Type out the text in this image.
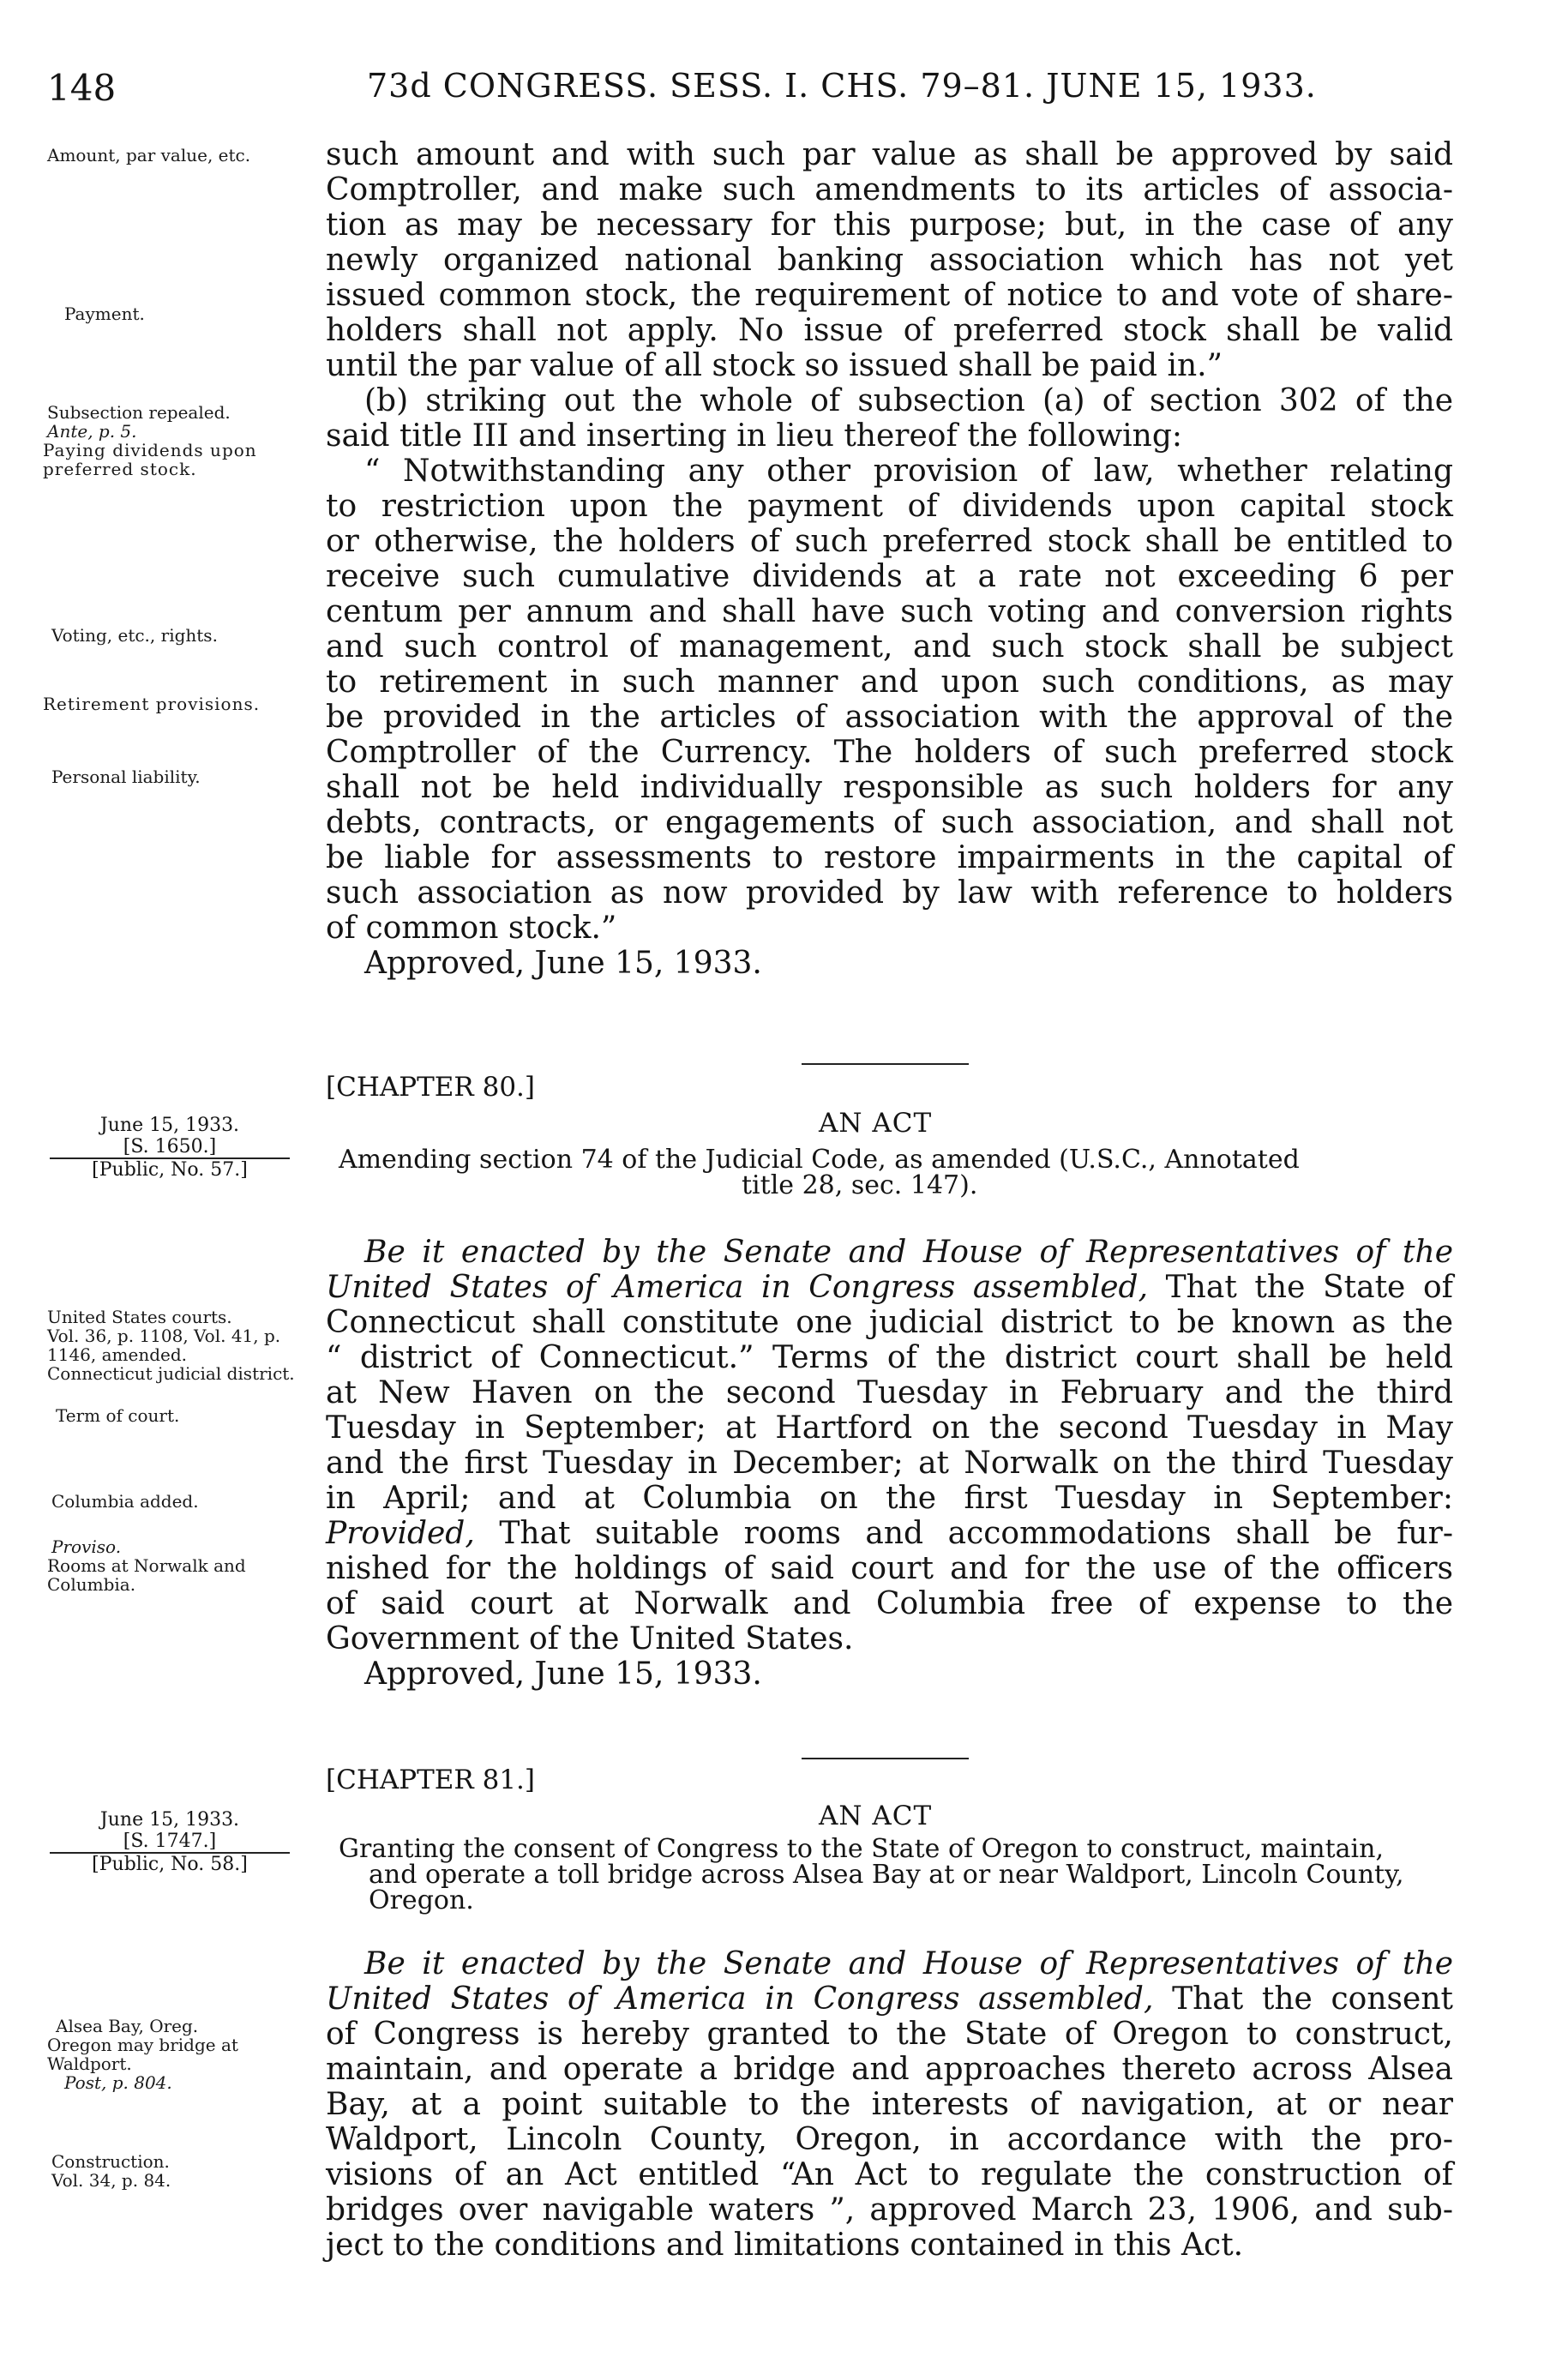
148	73d CONGRESS. SESS. I. CHS. 79–81. JUNE 15, 1933.
such amount and with such par value as shall be approved by said
Comptroller, and make such amendments to its articles of associa-
tion as may be necessary for this purpose; but, in the case of any
newly organized national banking association which has not yet
issued common stock, the requirement of notice to and vote of share-
holders shall not apply. No issue of preferred stock shall be valid
until the par value of all stock so issued shall be paid in.”
(b) striking out the whole of subsection (a) of section 302 of the
said title III and inserting in lieu thereof the following:
“ Notwithstanding any other provision of law, whether relating
to restriction upon the payment of dividends upon capital stock
or otherwise, the holders of such preferred stock shall be entitled to
receive such cumulative dividends at a rate not exceeding 6 per
centum per annum and shall have such voting and conversion rights
and such control of management, and such stock shall be subject
to retirement in such manner and upon such conditions, as may
be provided in the articles of association with the approval of the
Comptroller of the Currency. The holders of such preferred stock
shall not be held individually responsible as such holders for any
debts, contracts, or engagements of such association, and shall not
be liable for assessments to restore impairments in the capital of
such association as now provided by law with reference to holders
of common stock.”
Approved, June 15, 1933.
Amount, par value, etc.
Payment.
Subsection repealed.
Ante, p. 5.
Paying dividends upon preferred stock.
Voting, etc., rights.
Retirement provisions.
Personal liability.
[CHAPTER 80.]
AN ACT
June 15, 1933.
[S. 1650.]
[Public, No. 57.]	Amending section 74 of the Judicial Code, as amended (U.S.C., Annotated
title 28, sec. 147).
Be it enacted by the Senate and House of Representatives of the
United States of America in Congress assembled, That the State of
Connecticut shall constitute one judicial district to be known as the
“ district of Connecticut.” Terms of the district court shall be held
at New Haven on the second Tuesday in February and the third
Tuesday in September; at Hartford on the second Tuesday in May
and the first Tuesday in December; at Norwalk on the third Tuesday
in April; and at Columbia on the first Tuesday in September:
Provided, That suitable rooms and accommodations shall be fur-
nished for the holdings of said court and for the use of the officers
of said court at Norwalk and Columbia free of expense to the
Government of the United States.
Approved, June 15, 1933.
United States courts.
Vol. 36, p. 1108, Vol. 41, p. 1146, amended.
Connecticut judicial district.
Term of court.
Columbia added.
Proviso.
Rooms at Norwalk and Columbia.
[CHAPTER 81.]
AN ACT
June 15, 1933.
[S. 1747.]
[Public, No. 58.]
Granting the consent of Congress to the State of Oregon to construct, maintain,
and operate a toll bridge across Alsea Bay at or near Waldport, Lincoln County,
Oregon.
Be it enacted by the Senate and House of Representatives of the
United States of America in Congress assembled, That the consent
of Congress is hereby granted to the State of Oregon to construct,
maintain, and operate a bridge and approaches thereto across Alsea
Bay, at a point suitable to the interests of navigation, at or near
Waldport, Lincoln County, Oregon, in accordance with the pro-
visions of an Act entitled “An Act to regulate the construction of
bridges over navigable waters ”, approved March 23, 1906, and sub-
ject to the conditions and limitations contained in this Act.
Alsea Bay, Oreg.
Oregon may bridge at Waldport.
Post, p. 804.
Construction.
Vol. 34, p. 84.
